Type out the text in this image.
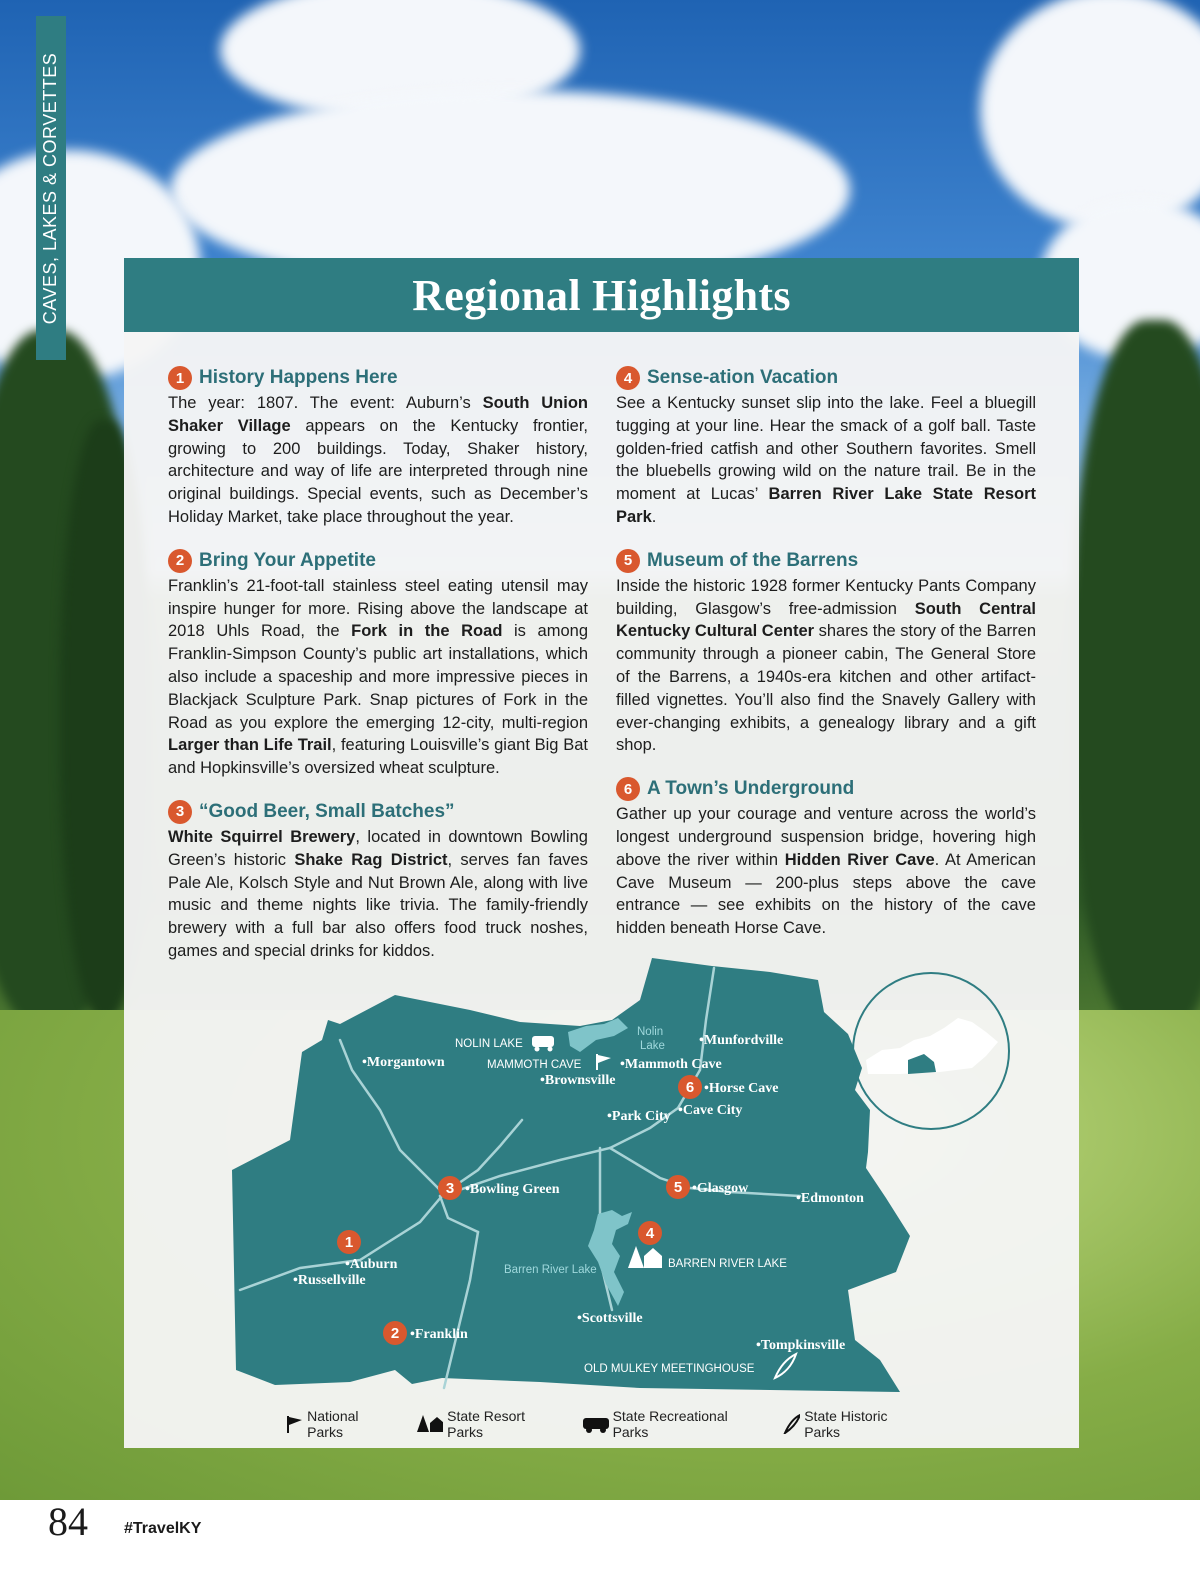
CAVES, LAKES & CORVETTES	Regional Highlights
1 History Happens Here

The year: 1807. The event: Auburn’s South Union Shaker Village appears on the Kentucky frontier, growing to 200 buildings. Today, Shaker history, architecture and way of life are interpreted through nine original buildings. Special events, such as December’s Holiday Market, take place throughout the year.

2 Bring Your Appetite

Franklin’s 21-foot-tall stainless steel eating utensil may inspire hunger for more. Rising above the landscape at 2018 Uhls Road, the Fork in the Road is among Franklin-Simpson County’s public art installations, which also include a spaceship and more impressive pieces in Blackjack Sculpture Park. Snap pictures of Fork in the Road as you explore the emerging 12-city, multi-region Larger than Life Trail, featuring Louisville’s giant Big Bat and Hopkinsville’s oversized wheat sculpture.

3 “Good Beer, Small Batches”

White Squirrel Brewery, located in downtown Bowling Green’s historic Shake Rag District, serves fan faves Pale Ale, Kolsch Style and Nut Brown Ale, along with live music and theme nights like trivia. The family-friendly brewery with a full bar also offers food truck noshes, games and special drinks for kiddos.

4 Sense-ation Vacation

See a Kentucky sunset slip into the lake. Feel a bluegill tugging at your line. Hear the smack of a golf ball. Taste golden-fried catfish and other Southern favorites. Smell the bluebells growing wild on the nature trail. Be in the moment at Lucas’ Barren River Lake State Resort Park.

5 Museum of the Barrens

Inside the historic 1928 former Kentucky Pants Company building, Glasgow’s free-admission South Central Kentucky Cultural Center shares the story of the Barren community through a pioneer cabin, The General Store of the Barrens, a 1940s-era kitchen and other artifact-filled vignettes. You’ll also find the Snavely Gallery with ever-changing exhibits, a genealogy library and a gift shop.

6 A Town’s Underground

Gather up your courage and venture across the world’s longest underground suspension bridge, hovering high above the river within Hidden River Cave. At American Cave Museum — 200-plus steps above the cave entrance — see exhibits on the history of the cave hidden beneath Horse Cave.

•Morgantown
•Munfordville
•Mammoth Cave
•Brownsville
•Horse Cave
•Park City •Cave City
•Bowling Green	•Glasgow
•Edmonton
•Auburn
•Russellville
•Scottsville
•Franklin
•Tompkinsville
NOLIN LAKE
MAMMOTH CAVE
BARREN RIVER LAKE
OLD MULKEY MEETINGHOUSE
Nolin
Lake
Barren River Lake
1
2
3
4
5
6
National Parks
State Resort Parks
State Recreational Parks
State Historic Parks
84 #TravelKY
